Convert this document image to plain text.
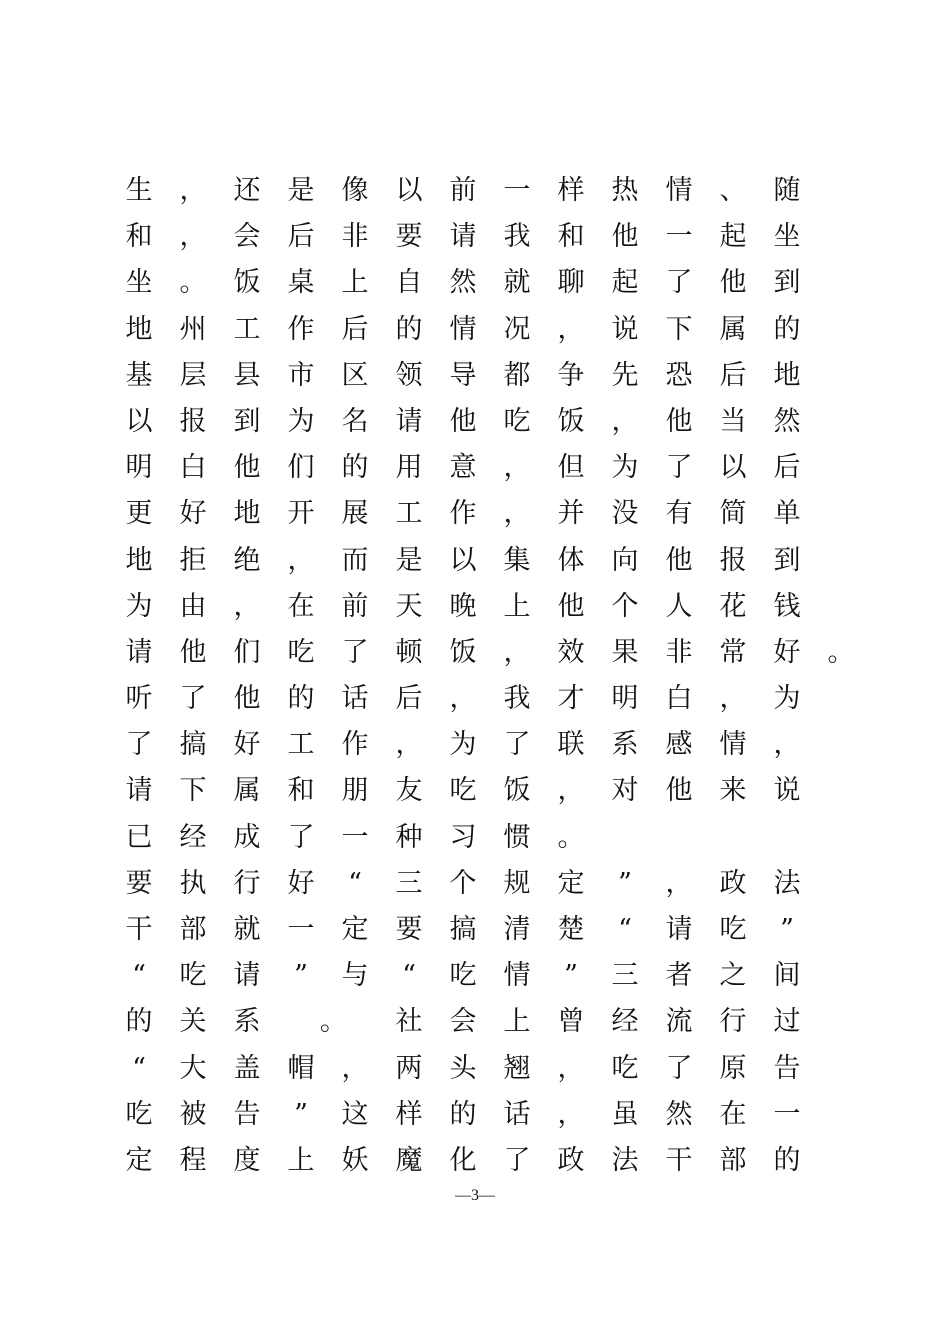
生 ， 还 是 像 以 前 一 样 热 情 、 随
和 ， 会 后 非 要 请 我 和 他 一 起 坐
坐 。 饭 桌 上 自 然 就 聊 起 了 他 到
地 州 工 作 后 的 情 况 ， 说 下 属 的
基 层 县 市 区 领 导 都 争 先 恐 后 地
以 报 到 为 名 请 他 吃 饭 ， 他 当 然
明 白 他 们 的 用 意 ， 但 为 了 以 后
更 好 地 开 展 工 作 ， 并 没 有 简 单
地 拒 绝 ， 而 是 以 集 体 向 他 报 到
为 由 ， 在 前 天 晚 上 他 个 人 花 钱
请 他 们 吃 了 顿 饭 ， 效 果 非 常 好 。
听 了 他 的 话 后 ， 我 才 明 白 ， 为
了 搞 好 工 作 ， 为 了 联 系 感 情 ，
请 下 属 和 朋 友 吃 饭 ， 对 他 来 说
已 经 成 了 一 种 习 惯 。
要 执 行 好 “ 三 个 规 定 ” ， 政 法
干 部 就 一 定 要 搞 清 楚 “ 请 吃 ”
“ 吃 请 ” 与 “ 吃 情 ” 三 者 之 间
的 关 系 。 社 会 上 曾 经 流 行 过
“ 大 盖 帽 ， 两 头 翘 ， 吃 了 原 告
吃 被 告 ” 这 样 的 话 ， 虽 然 在 一
定 程 度 上 妖 魔 化 了 政 法 干 部 的
—3—
